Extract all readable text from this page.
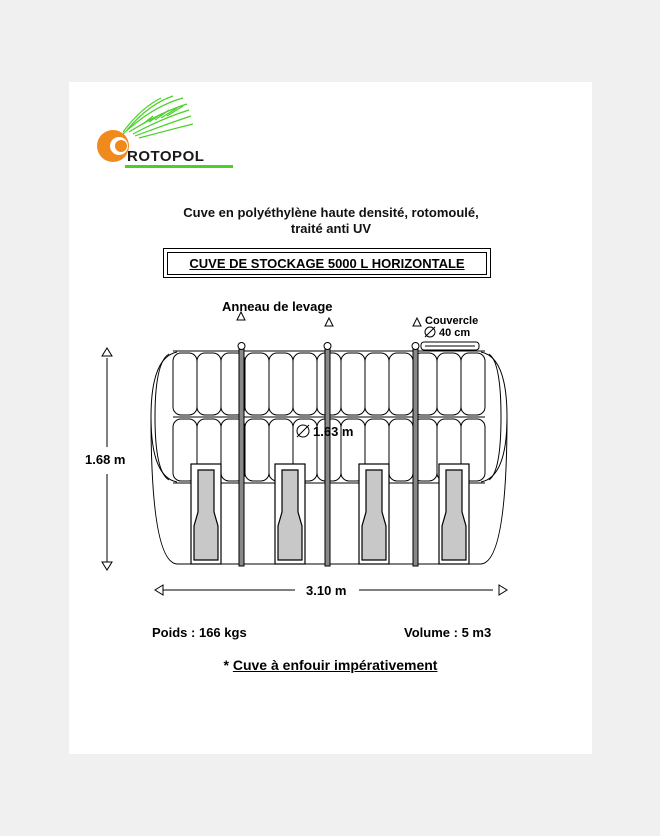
ROTOPOL
Cuve en polyéthylène haute densité, rotomoulé,
traité anti UV
CUVE DE STOCKAGE 5000 L HORIZONTALE
Anneau de levage
Couvercle
40 cm
1.63 m
1.68 m
3.10 m
Poids : 166 kgs	Volume : 5 m3
* Cuve à enfouir impérativement
